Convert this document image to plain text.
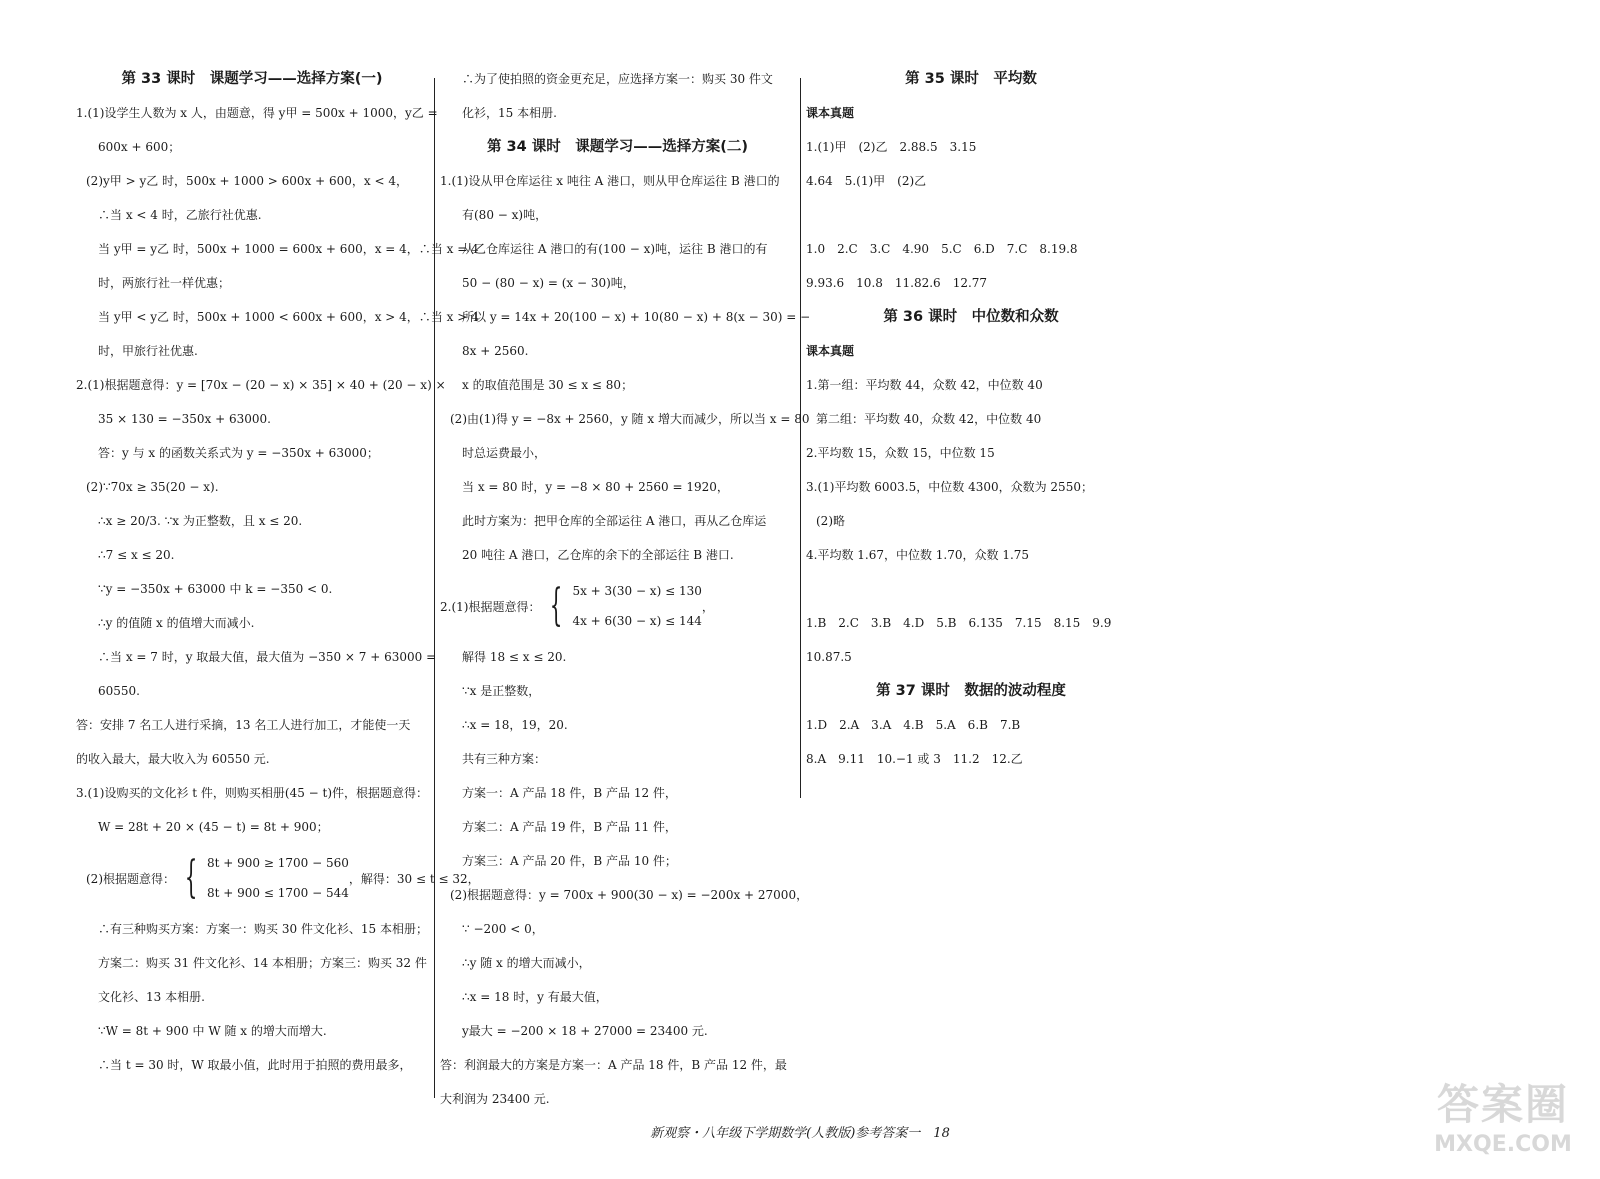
第 33 课时　课题学习——选择方案(一)
1.(1)设学生人数为 x 人，由题意，得 y甲 = 500x + 1000，y乙 =
600x + 600；
(2)y甲 > y乙 时，500x + 1000 > 600x + 600，x < 4，
∴当 x < 4 时，乙旅行社优惠.
当 y甲 = y乙 时，500x + 1000 = 600x + 600，x = 4，∴当 x = 4
时，两旅行社一样优惠；
当 y甲 < y乙 时，500x + 1000 < 600x + 600，x > 4，∴当 x > 4
时，甲旅行社优惠.
2.(1)根据题意得：y = [70x − (20 − x) × 35] × 40 + (20 − x) ×
35 × 130 = −350x + 63000.
答：y 与 x 的函数关系式为 y = −350x + 63000；
(2)∵70x ≥ 35(20 − x).
∴x ≥ 20/3. ∵x 为正整数，且 x ≤ 20.
∴7 ≤ x ≤ 20.
∵y = −350x + 63000 中 k = −350 < 0.
∴y 的值随 x 的值增大而减小.
∴当 x = 7 时，y 取最大值，最大值为 −350 × 7 + 63000 =
60550.
答：安排 7 名工人进行采摘，13 名工人进行加工，才能使一天
的收入最大，最大收入为 60550 元.
3.(1)设购买的文化衫 t 件，则购买相册(45 − t)件，根据题意得：
W = 28t + 20 × (45 − t) = 8t + 900；
(2)根据题意得： { 8t + 900 ≥ 1700 − 560
8t + 900 ≤ 1700 − 544
，解得：30 ≤ t ≤ 32，
∴有三种购买方案：方案一：购买 30 件文化衫、15 本相册；
方案二：购买 31 件文化衫、14 本相册；方案三：购买 32 件
文化衫、13 本相册.
∵W = 8t + 900 中 W 随 x 的增大而增大.
∴当 t = 30 时，W 取最小值，此时用于拍照的费用最多，
∴为了使拍照的资金更充足，应选择方案一：购买 30 件文
化衫，15 本相册.
第 34 课时　课题学习——选择方案(二)
1.(1)设从甲仓库运往 x 吨往 A 港口，则从甲仓库运往 B 港口的
有(80 − x)吨，
从乙仓库运往 A 港口的有(100 − x)吨，运往 B 港口的有
50 − (80 − x) = (x − 30)吨，
所以 y = 14x + 20(100 − x) + 10(80 − x) + 8(x − 30) = −
8x + 2560.
x 的取值范围是 30 ≤ x ≤ 80；
(2)由(1)得 y = −8x + 2560，y 随 x 增大而减少，所以当 x = 80
时总运费最小，
当 x = 80 时，y = −8 × 80 + 2560 = 1920，
此时方案为：把甲仓库的全部运往 A 港口，再从乙仓库运
20 吨往 A 港口，乙仓库的余下的全部运往 B 港口.
2.(1)根据题意得： { 5x + 3(30 − x) ≤ 130
4x + 6(30 − x) ≤ 144
，
解得 18 ≤ x ≤ 20.
∵x 是正整数，
∴x = 18，19，20.
共有三种方案：
方案一：A 产品 18 件，B 产品 12 件，
方案二：A 产品 19 件，B 产品 11 件，
方案三：A 产品 20 件，B 产品 10 件；
(2)根据题意得：y = 700x + 900(30 − x) = −200x + 27000，
∵ −200 < 0，
∴y 随 x 的增大而减小，
∴x = 18 时，y 有最大值，
y最大 = −200 × 18 + 27000 = 23400 元.
答：利润最大的方案是方案一：A 产品 18 件，B 产品 12 件，最
大利润为 23400 元.
第 35 课时　平均数
课本真题
1.(1)甲　(2)乙　2.88.5　3.15
4.64　5.(1)甲　(2)乙
1.0　2.C　3.C　4.90　5.C　6.D　7.C　8.19.8
9.93.6　10.8　11.82.6　12.77
第 36 课时　中位数和众数
课本真题
1.第一组：平均数 44，众数 42，中位数 40
第二组：平均数 40，众数 42，中位数 40
2.平均数 15，众数 15，中位数 15
3.(1)平均数 6003.5，中位数 4300，众数为 2550；
(2)略
4.平均数 1.67，中位数 1.70，众数 1.75
1.B　2.C　3.B　4.D　5.B　6.135　7.15　8.15　9.9
10.87.5
第 37 课时　数据的波动程度
1.D　2.A　3.A　4.B　5.A　6.B　7.B
8.A　9.11　10.−1 或 3　11.2　12.乙
新观察・八年级下学期数学(人教版)参考答案一　18
答案圈
MXQE.COM
